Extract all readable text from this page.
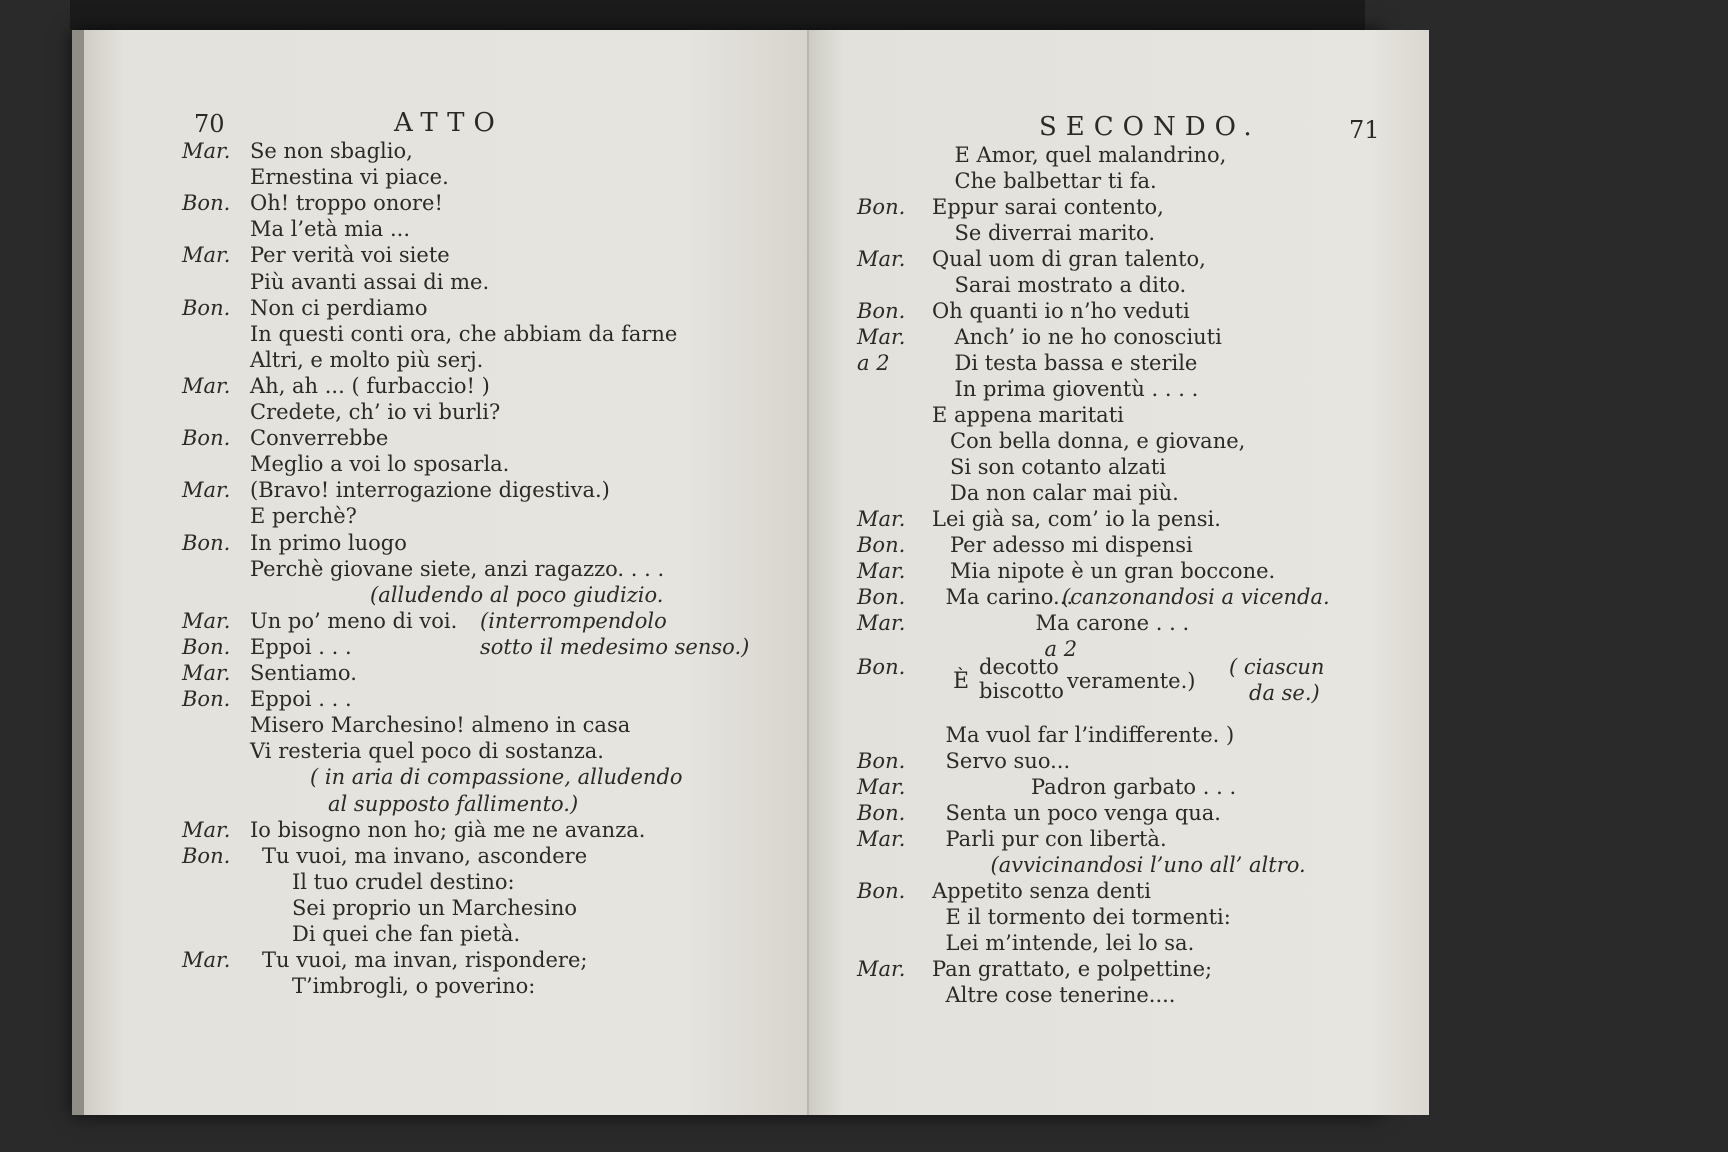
70	ATTO
Mar. Se non sbaglio,
Ernestina vi piace.
Bon. Oh! troppo onore!
Ma l’età mia ...
Mar. Per verità voi siete
Più avanti assai di me.
Bon. Non ci perdiamo
In questi conti ora, che abbiam da farne
Altri, e molto più serj.
Mar. Ah, ah ... ( furbaccio! )
Credete, ch’ io vi burli?
Bon. Converrebbe
Meglio a voi lo sposarla.
Mar. (Bravo! interrogazione digestiva.)
E perchè?
Bon. In primo luogo
Perchè giovane siete, anzi ragazzo. . . .
(alludendo al poco giudizio.
Mar. Un po’ meno di voi. (interrompendolo
Bon. Eppoi . . .	sotto il medesimo senso.)
Mar. Sentiamo.
Bon. Eppoi . . .
Misero Marchesino! almeno in casa
Vi resteria quel poco di sostanza.
( in aria di compassione, alludendo
al supposto fallimento.)
Mar. Io bisogno non ho; già me ne avanza.
Bon. Tu vuoi, ma invano, ascondere
Il tuo crudel destino:
Sei proprio un Marchesino
Di quei che fan pietà.
Mar. Tu vuoi, ma invan, rispondere;
T’imbrogli, o poverino:
SECONDO.	71
E Amor, quel malandrino,
Che balbettar ti fa.
Bon. Eppur sarai contento,
Se diverrai marito.
Mar. Qual uom di gran talento,
Sarai mostrato a dito.
Bon. Oh quanti io n’ho veduti
Mar. Anch’ io ne ho conosciuti
a 2	Di testa bassa e sterile
In prima gioventù . . . .
E appena maritati
Con bella donna, e giovane,
Si son cotanto alzati
Da non calar mai più.
Mar. Lei già sa, com’ io la pensi.
Bon. Per adesso mi dispensi
Mar. Mia nipote è un gran boccone.
Bon. Ma carino...
(canzonandosi a vicenda.
Mar.	Ma carone . . .
a 2
Bon.
È
decotto
biscotto veramente.)
( ciascun
da se.)
Ma vuol far l’indifferente. )
Bon. Servo suo...
Mar.	Padron garbato . . .
Bon. Senta un poco venga qua.
Mar. Parli pur con libertà.
(avvicinandosi l’uno all’ altro.
Bon. Appetito senza denti
E il tormento dei tormenti:
Lei m’intende, lei lo sa.
Mar. Pan grattato, e polpettine;
Altre cose tenerine....
